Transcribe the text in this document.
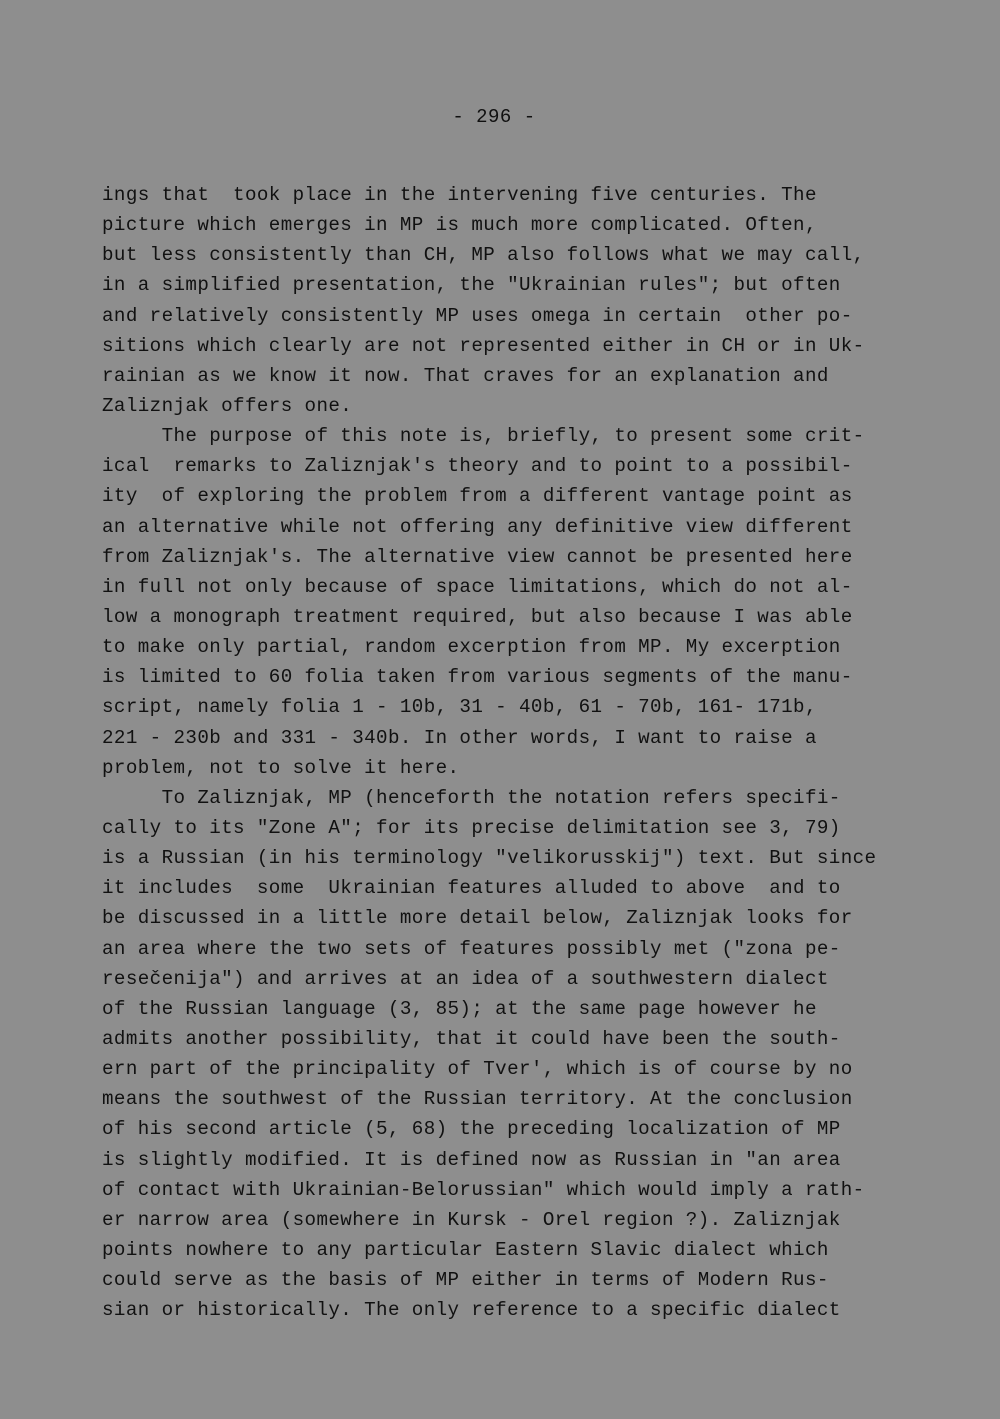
- 296 -
ings that  took place in the intervening five centuries. The
picture which emerges in MP is much more complicated. Often,
but less consistently than CH, MP also follows what we may call,
in a simplified presentation, the "Ukrainian rules"; but often
and relatively consistently MP uses omega in certain  other po-
sitions which clearly are not represented either in CH or in Uk-
rainian as we know it now. That craves for an explanation and
Zaliznjak offers one.
The purpose of this note is, briefly, to present some crit-
ical  remarks to Zaliznjak's theory and to point to a possibil-
ity  of exploring the problem from a different vantage point as
an alternative while not offering any definitive view different
from Zaliznjak's. The alternative view cannot be presented here
in full not only because of space limitations, which do not al-
low a monograph treatment required, but also because I was able
to make only partial, random excerption from MP. My excerption
is limited to 60 folia taken from various segments of the manu-
script, namely folia 1 - 10b, 31 - 40b, 61 - 70b, 161- 171b,
221 - 230b and 331 - 340b. In other words, I want to raise a
problem, not to solve it here.
To Zaliznjak, MP (henceforth the notation refers specifi-
cally to its "Zone A"; for its precise delimitation see 3, 79)
is a Russian (in his terminology "velikorusskij") text. But since
it includes  some  Ukrainian features alluded to above  and to
be discussed in a little more detail below, Zaliznjak looks for
an area where the two sets of features possibly met ("zona pe-
resečenija") and arrives at an idea of a southwestern dialect
of the Russian language (3, 85); at the same page however he
admits another possibility, that it could have been the south-
ern part of the principality of Tver', which is of course by no
means the southwest of the Russian territory. At the conclusion
of his second article (5, 68) the preceding localization of MP
is slightly modified. It is defined now as Russian in "an area
of contact with Ukrainian-Belorussian" which would imply a rath-
er narrow area (somewhere in Kursk - Orel region ?). Zaliznjak
points nowhere to any particular Eastern Slavic dialect which
could serve as the basis of MP either in terms of Modern Rus-
sian or historically. The only reference to a specific dialect
